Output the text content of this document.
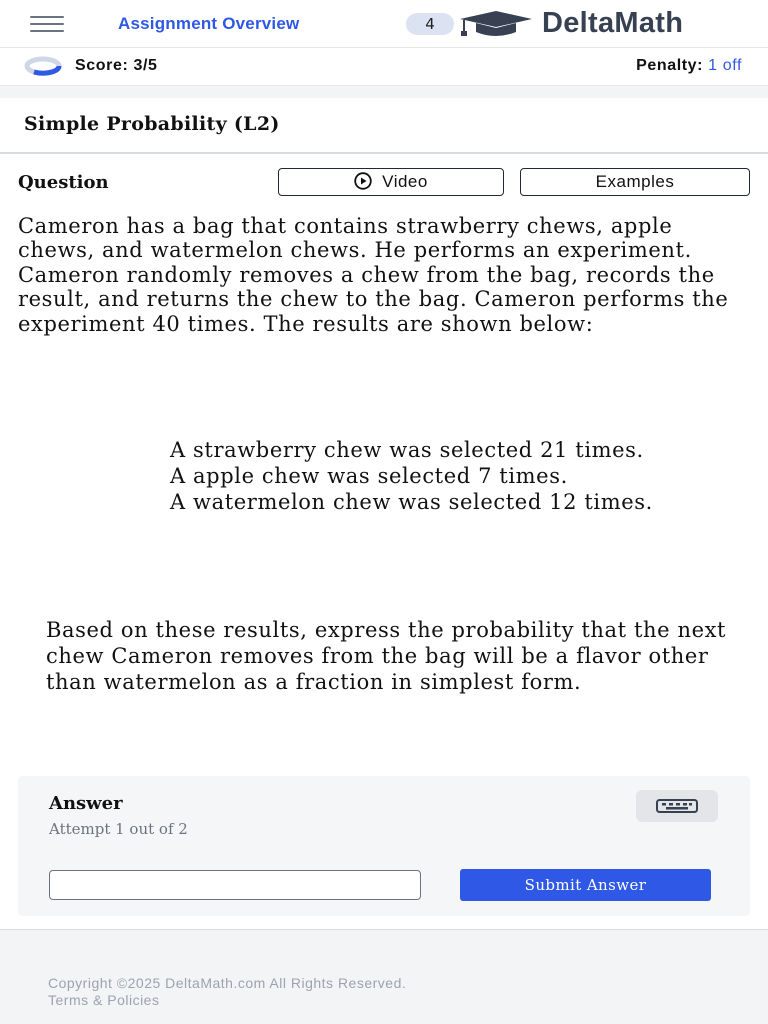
Assignment Overview	4	DeltaMath
Score: 3/5	Penalty: 1 off
Simple Probability (L2)
Question	Video	Examples
Cameron has a bag that contains strawberry chews, apple chews, and watermelon chews. He performs an experiment. Cameron randomly removes a chew from the bag, records the result, and returns the chew to the bag. Cameron performs the experiment 40 times. The results are shown below:
A strawberry chew was selected 21 times.
A apple chew was selected 7 times.
A watermelon chew was selected 12 times.
Based on these results, express the probability that the next chew Cameron removes from the bag will be a flavor other than watermelon as a fraction in simplest form.
Answer
Attempt 1 out of 2
Submit Answer
Copyright ©2025 DeltaMath.com All Rights Reserved.
Terms & Policies
